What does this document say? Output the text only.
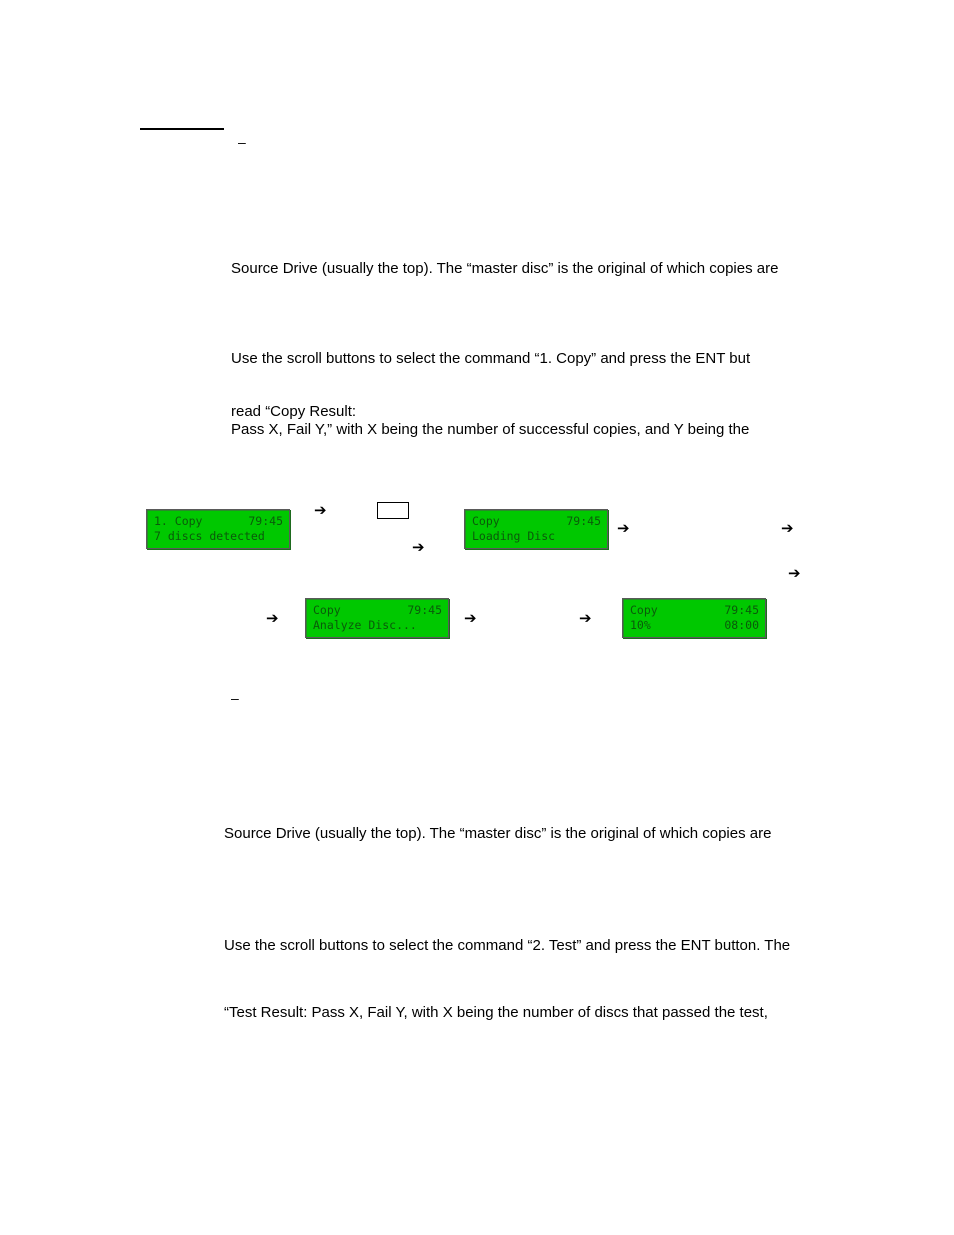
–
Source Drive (usually the top). The “master disc” is the original of which copies are
Use the scroll buttons to select the command “1. Copy” and press the ENT but
read “Copy Result:
Pass X, Fail Y,” with X being the number of successful copies, and Y being the
1. Copy	79:45
7 discs detected
➔
➔
Copy	79:45
Loading Disc	➔	➔
➔
➔	Copy	79:45
Analyze Disc...	➔	➔	Copy	79:45
10%	08:00
–
Source Drive (usually the top). The “master disc” is the original of which copies are
Use the scroll buttons to select the command “2. Test” and press the ENT button. The
“Test Result: Pass X, Fail Y, with X being the number of discs that passed the test,
